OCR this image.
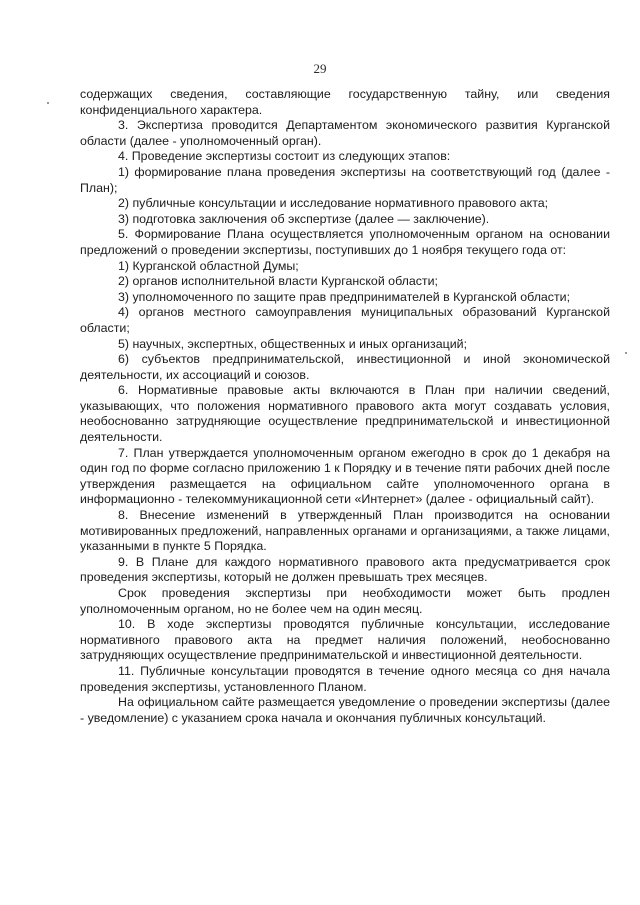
29

содержащих сведения, составляющие государственную тайну, или сведения конфиденциального характера.

3. Экспертиза проводится Департаментом экономического развития Курганской области (далее - уполномоченный орган).

4. Проведение экспертизы состоит из следующих этапов:

1) формирование плана проведения экспертизы на соответствующий год (далее - План);

2) публичные консультации и исследование нормативного правового акта;

3) подготовка заключения об экспертизе (далее — заключение).

5. Формирование Плана осуществляется уполномоченным органом на основании предложений о проведении экспертизы, поступивших до 1 ноября текущего года от:

1) Курганской областной Думы;

2) органов исполнительной власти Курганской области;

3) уполномоченного по защите прав предпринимателей в Курганской области;

4) органов местного самоуправления муниципальных образований Курганской области;

5) научных, экспертных, общественных и иных организаций;

6) субъектов предпринимательской, инвестиционной и иной экономической деятельности, их ассоциаций и союзов.

6. Нормативные правовые акты включаются в План при наличии сведений, указывающих, что положения нормативного правового акта могут создавать условия, необоснованно затрудняющие осуществление предпринимательской и инвестиционной деятельности.

7. План утверждается уполномоченным органом ежегодно в срок до 1 декабря на один год по форме согласно приложению 1 к Порядку и в течение пяти рабочих дней после утверждения размещается на официальном сайте уполномоченного органа в информационно - телекоммуникационной сети «Интернет» (далее - официальный сайт).

8. Внесение изменений в утвержденный План производится на основании мотивированных предложений, направленных органами и организациями, а также лицами, указанными в пункте 5 Порядка.

9. В Плане для каждого нормативного правового акта предусматривается срок проведения экспертизы, который не должен превышать трех месяцев.

Срок проведения экспертизы при необходимости может быть продлен уполномоченным органом, но не более чем на один месяц.

10. В ходе экспертизы проводятся публичные консультации, исследование нормативного правового акта на предмет наличия положений, необоснованно затрудняющих осуществление предпринимательской и инвестиционной деятельности.

11. Публичные консультации проводятся в течение одного месяца со дня начала проведения экспертизы, установленного Планом.

На официальном сайте размещается уведомление о проведении экспертизы (далее - уведомление) с указанием срока начала и окончания публичных консультаций.
